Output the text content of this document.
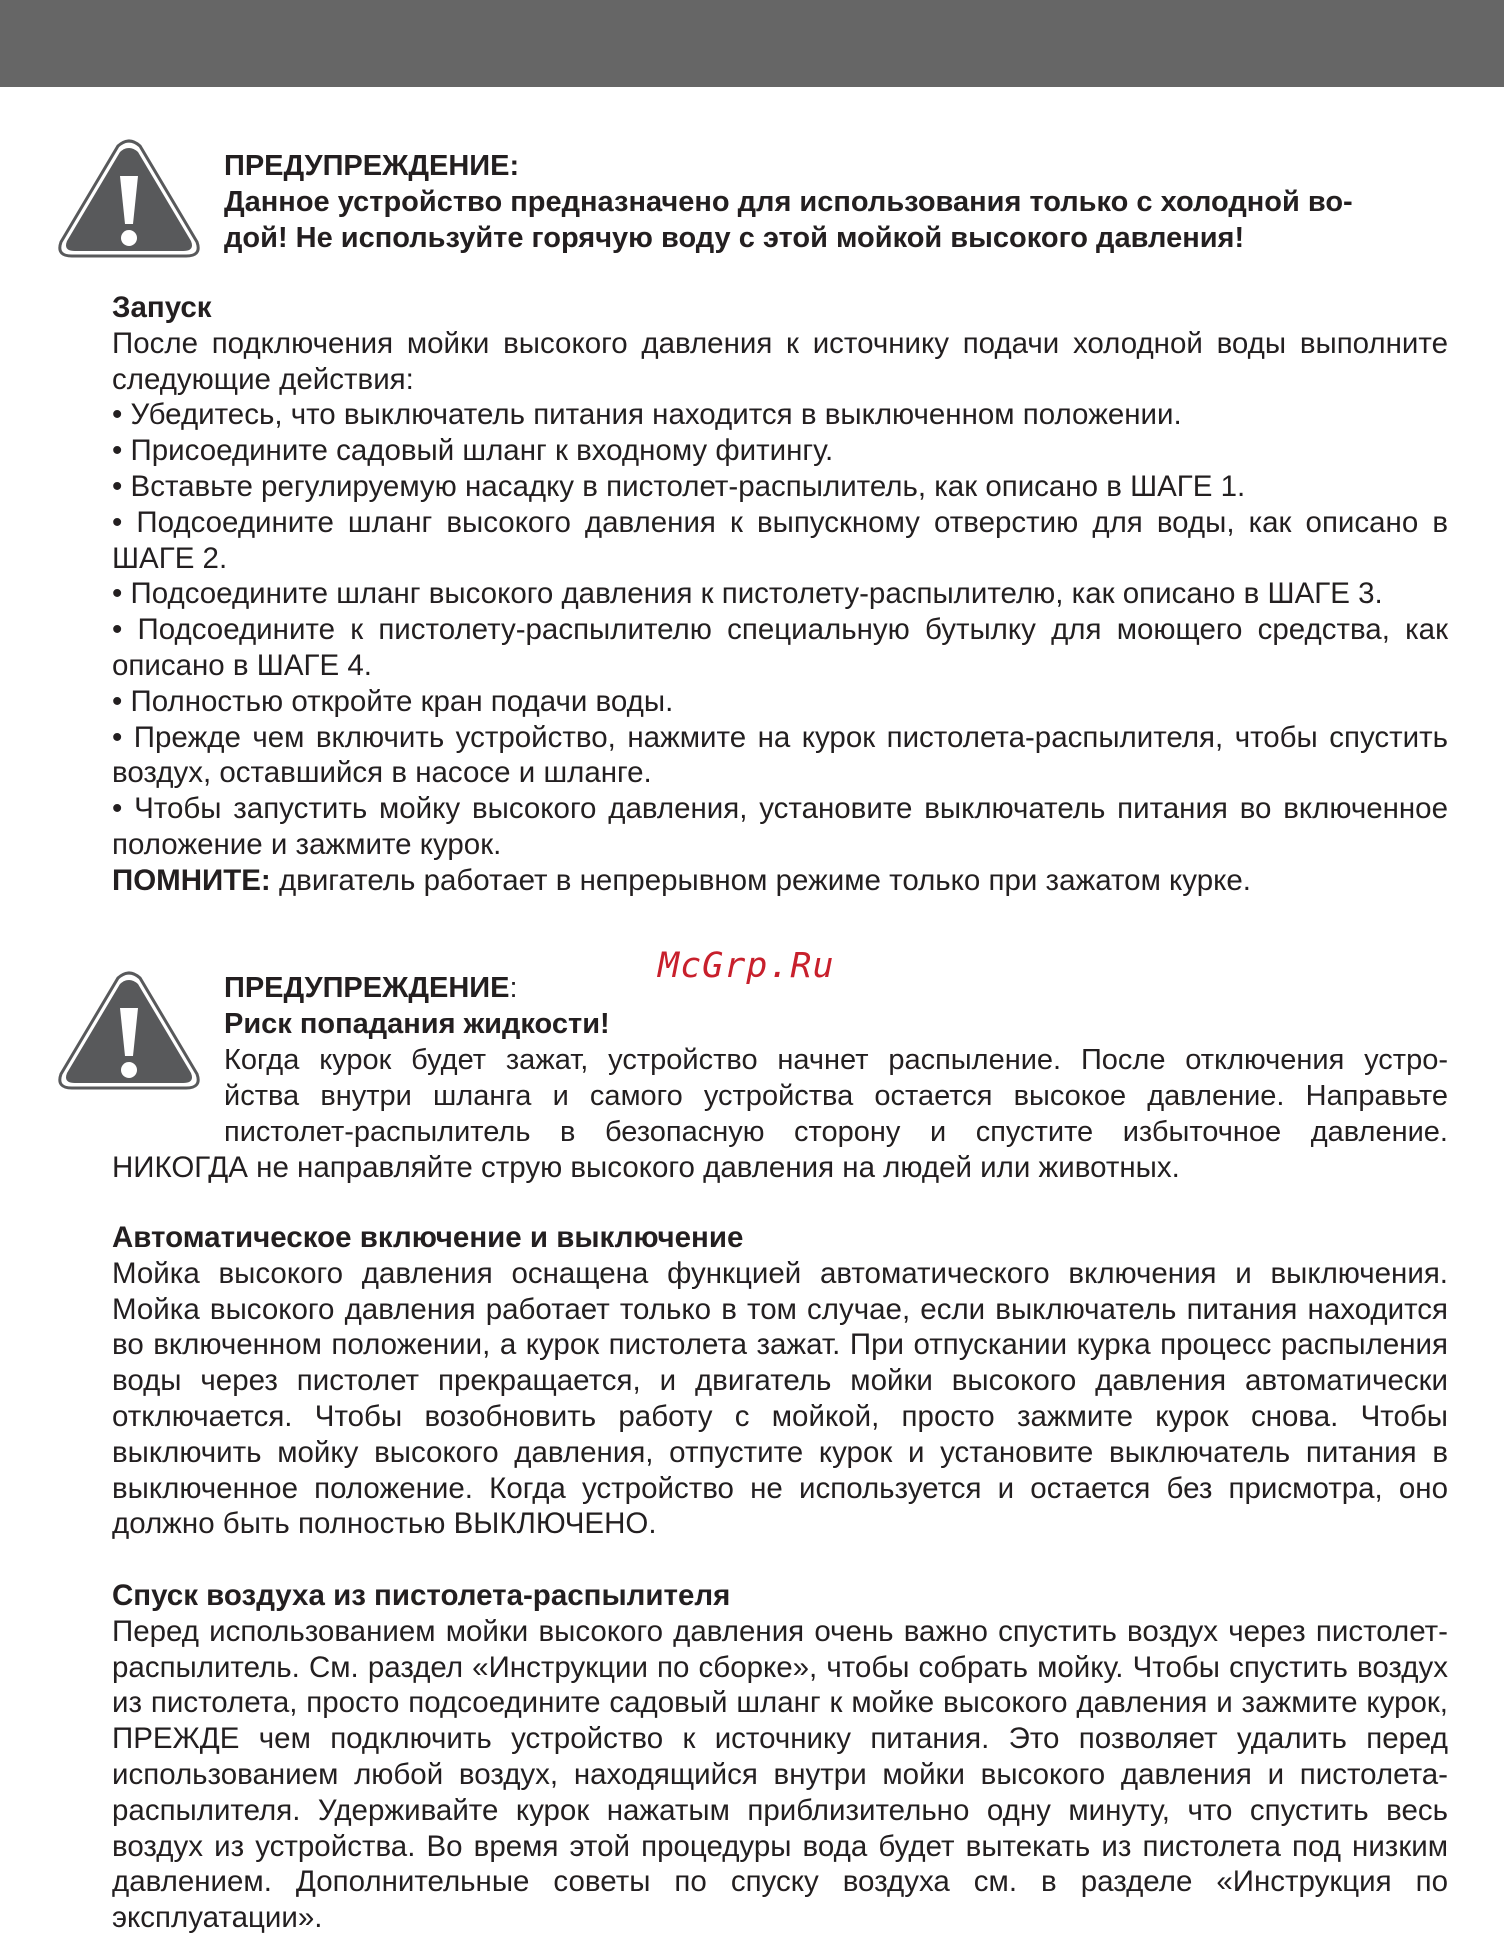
ПРЕДУПРЕЖДЕНИЕ:
Данное устройство предназначено для использования только с холодной во-
дой! Не используйте горячую воду с этой мойкой высокого давления!

Запуск

После подключения мойки высокого давления к источнику подачи холодной воды выполните следующие действия:

• Убедитесь, что выключатель питания находится в выключенном положении.

• Присоедините садовый шланг к входному фитингу.

• Вставьте регулируемую насадку в пистолет-распылитель, как описано в ШАГЕ 1.

• Подсоедините шланг высокого давления к выпускному отверстию для воды, как описано в ШАГЕ 2.

• Подсоедините шланг высокого давления к пистолету-распылителю, как описано в ШАГЕ 3.

• Подсоедините к пистолету-распылителю специальную бутылку для моющего средства, как описано в ШАГЕ 4.

• Полностью откройте кран подачи воды.

• Прежде чем включить устройство, нажмите на курок пистолета-распылителя, чтобы спустить воздух, оставшийся в насосе и шланге.

• Чтобы запустить мойку высокого давления, установите выключатель питания во включенное положение и зажмите курок.

ПОМНИТЕ: двигатель работает в непрерывном режиме только при зажатом курке.

McGrp.Ru
ПРЕДУПРЕЖДЕНИЕ:
Риск попадания жидкости!
Когда курок будет зажат, устройство начнет распыление. После отключения устро-
йства внутри шланга и самого устройства остается высокое давление. Направьте
пистолет-распылитель в безопасную сторону и спустите избыточное давление.

НИКОГДА не направляйте струю высокого давления на людей или животных.

Автоматическое включение и выключение

Мойка высокого давления оснащена функцией автоматического включения и выключения. Мойка высокого давления работает только в том случае, если выключатель питания находится во включенном положении, а курок пистолета зажат. При отпускании курка процесс распыления воды через пистолет прекращается, и двигатель мойки высокого давления автоматически отключается. Чтобы возобновить работу с мойкой, просто зажмите курок снова. Чтобы выключить мойку высокого давления, отпустите курок и установите выключатель питания в выключенное положение. Когда устройство не используется и остается без присмотра, оно должно быть полностью ВЫКЛЮЧЕНО.

Спуск воздуха из пистолета-распылителя

Перед использованием мойки высокого давления очень важно спустить воздух через пистолет-распылитель. См. раздел «Инструкции по сборке», чтобы собрать мойку. Чтобы спустить воздух из пистолета, просто подсоедините садовый шланг к мойке высокого давления и зажмите курок, ПРЕЖДЕ чем подключить устройство к источнику питания. Это позволяет удалить перед использованием любой воздух, находящийся внутри мойки высокого давления и пистолета-распылителя. Удерживайте курок нажатым приблизительно одну минуту, что спустить весь воздух из устройства. Во время этой процедуры вода будет вытекать из пистолета под низким давлением. Дополнительные советы по спуску воздуха см. в разделе «Инструкция по эксплуатации».
